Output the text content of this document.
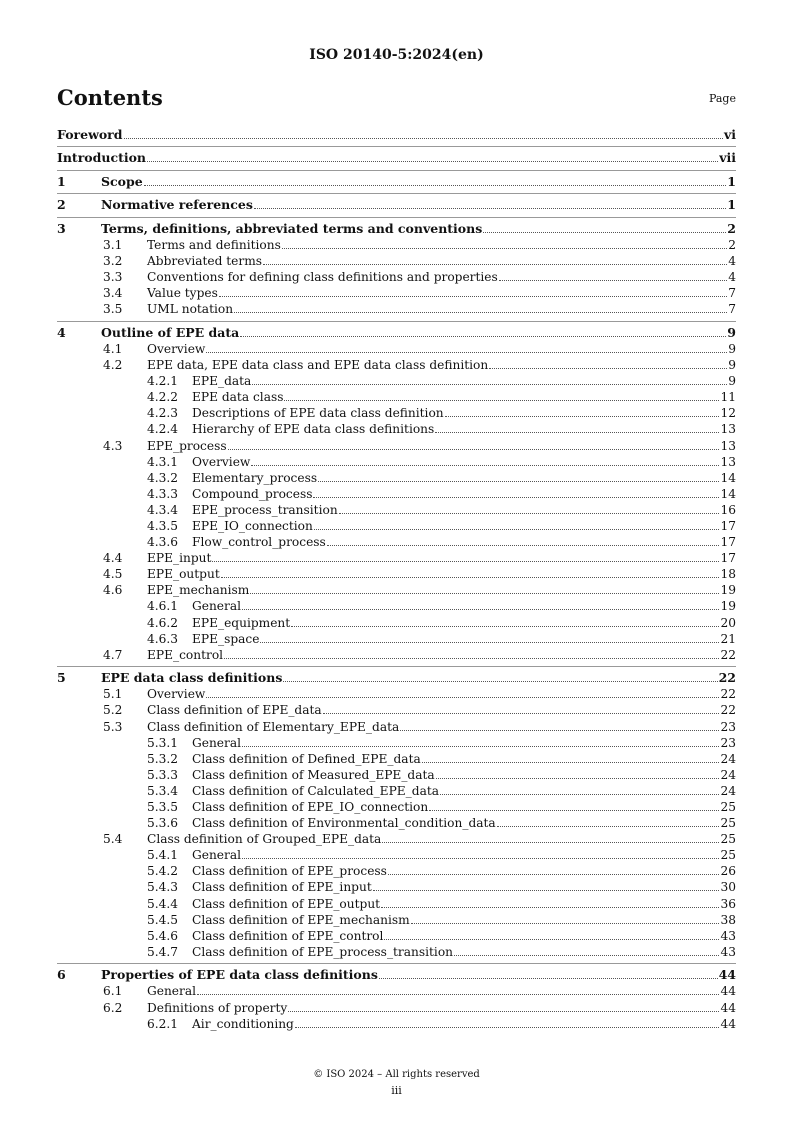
ISO 20140-5:2024(en)
Contents	Page
Foreword	vi
Introduction	vii
1	Scope	1
2	Normative references	1
3	Terms, definitions, abbreviated terms and conventions	2
3.1	Terms and definitions	2
3.2	Abbreviated terms	4
3.3	Conventions for defining class definitions and properties	4
3.4	Value types	7
3.5	UML notation	7
4	Outline of EPE data	9
4.1	Overview	9
4.2	EPE data, EPE data class and EPE data class definition	9
4.2.1	EPE_data	9
4.2.2	EPE data class	11
4.2.3	Descriptions of EPE data class definition	12
4.2.4	Hierarchy of EPE data class definitions	13
4.3	EPE_process	13
4.3.1	Overview	13
4.3.2	Elementary_process	14
4.3.3	Compound_process	14
4.3.4	EPE_process_transition	16
4.3.5	EPE_IO_connection	17
4.3.6	Flow_control_process	17
4.4	EPE_input	17
4.5	EPE_output	18
4.6	EPE_mechanism	19
4.6.1	General	19
4.6.2	EPE_equipment	20
4.6.3	EPE_space	21
4.7	EPE_control	22
5	EPE data class definitions	22
5.1	Overview	22
5.2	Class definition of EPE_data	22
5.3	Class definition of Elementary_EPE_data	23
5.3.1	General	23
5.3.2	Class definition of Defined_EPE_data	24
5.3.3	Class definition of Measured_EPE_data	24
5.3.4	Class definition of Calculated_EPE_data	24
5.3.5	Class definition of EPE_IO_connection	25
5.3.6	Class definition of Environmental_condition_data	25
5.4	Class definition of Grouped_EPE_data	25
5.4.1	General	25
5.4.2	Class definition of EPE_process	26
5.4.3	Class definition of EPE_input	30
5.4.4	Class definition of EPE_output	36
5.4.5	Class definition of EPE_mechanism	38
5.4.6	Class definition of EPE_control	43
5.4.7	Class definition of EPE_process_transition	43
6	Properties of EPE data class definitions	44
6.1	General	44
6.2	Definitions of property	44
6.2.1	Air_conditioning	44
© ISO 2024 – All rights reserved
iii
